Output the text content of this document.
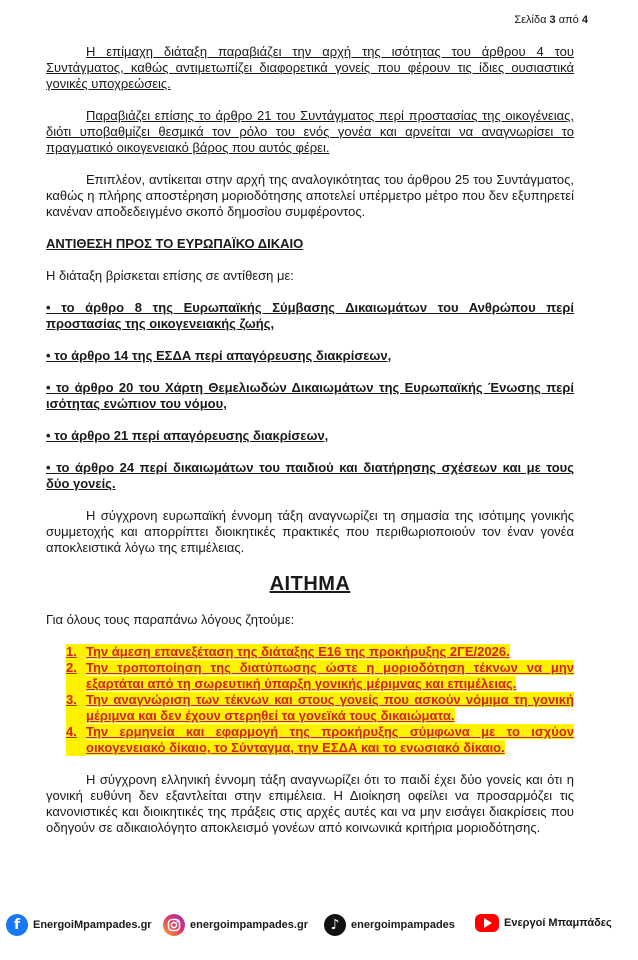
Σελίδα 3 από 4

Η επίμαχη διάταξη παραβιάζει την αρχή της ισότητας του άρθρου 4 του Συντάγματος, καθώς αντιμετωπίζει διαφορετικά γονείς που φέρουν τις ίδιες ουσιαστικά γονικές υποχρεώσεις.

Παραβιάζει επίσης το άρθρο 21 του Συντάγματος περί προστασίας της οικογένειας, διότι υποβαθμίζει θεσμικά τον ρόλο του ενός γονέα και αρνείται να αναγνωρίσει το πραγματικό οικογενειακό βάρος που αυτός φέρει.

Επιπλέον, αντίκειται στην αρχή της αναλογικότητας του άρθρου 25 του Συντάγματος, καθώς η πλήρης αποστέρηση μοριοδότησης αποτελεί υπέρμετρο μέτρο που δεν εξυπηρετεί κανέναν αποδεδειγμένο σκοπό δημοσίου συμφέροντος.

ΑΝΤΙΘΕΣΗ ΠΡΟΣ ΤΟ ΕΥΡΩΠΑΪΚΟ ΔΙΚΑΙΟ

Η διάταξη βρίσκεται επίσης σε αντίθεση με:

• το άρθρο 8 της Ευρωπαϊκής Σύμβασης Δικαιωμάτων του Ανθρώπου περί προστασίας της οικογενειακής ζωής,

• το άρθρο 14 της ΕΣΔΑ περί απαγόρευσης διακρίσεων,

• το άρθρο 20 του Χάρτη Θεμελιωδών Δικαιωμάτων της Ευρωπαϊκής Ένωσης περί ισότητας ενώπιον του νόμου,

• το άρθρο 21 περί απαγόρευσης διακρίσεων,

• το άρθρο 24 περί δικαιωμάτων του παιδιού και διατήρησης σχέσεων και με τους δύο γονείς.

Η σύγχρονη ευρωπαϊκή έννομη τάξη αναγνωρίζει τη σημασία της ισότιμης γονικής συμμετοχής και απορρίπτει διοικητικές πρακτικές που περιθωριοποιούν τον έναν γονέα αποκλειστικά λόγω της επιμέλειας.

ΑΙΤΗΜΑ

Για όλους τους παραπάνω λόγους ζητούμε:

1. Την άμεση επανεξέταση της διάταξης Ε16 της προκήρυξης 2ΓΕ/2026.
2. Την τροποποίηση της διατύπωσης ώστε η μοριοδότηση τέκνων να μην εξαρτάται από τη σωρευτική ύπαρξη γονικής μέριμνας και επιμέλειας.
3. Την αναγνώριση των τέκνων και στους γονείς που ασκούν νόμιμα τη γονική μέριμνα και δεν έχουν στερηθεί τα γονεϊκά τους δικαιώματα.
4. Την ερμηνεία και εφαρμογή της προκήρυξης σύμφωνα με το ισχύον οικογενειακό δίκαιο, το Σύνταγμα, την ΕΣΔΑ και το ενωσιακό δίκαιο.

Η σύγχρονη ελληνική έννομη τάξη αναγνωρίζει ότι το παιδί έχει δύο γονείς και ότι η γονική ευθύνη δεν εξαντλείται στην επιμέλεια. Η Διοίκηση οφείλει να προσαρμόζει τις κανονιστικές και διοικητικές της πράξεις στις αρχές αυτές και να μην εισάγει διακρίσεις που οδηγούν σε αδικαιολόγητο αποκλεισμό γονέων από κοινωνικά κριτήρια μοριοδότησης.

f	EnergoiMpampades.gr	energoimpampades.gr	♪	energoimpampades	Ενεργοί Μπαμπάδες
